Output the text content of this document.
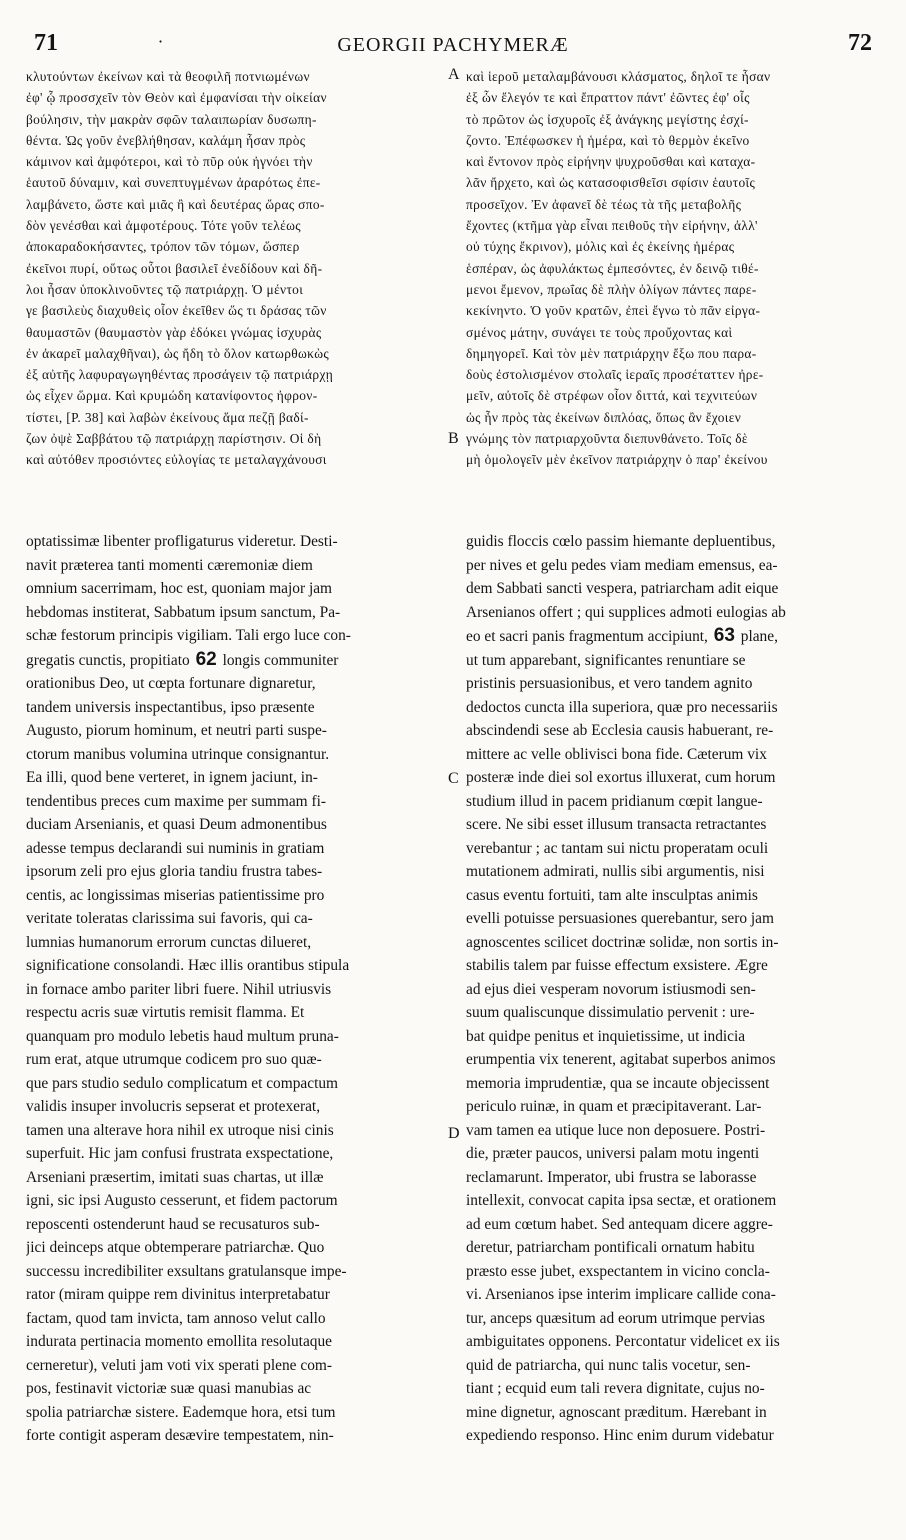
71	·	GEORGII PACHYMERÆ	72
κλυτούντων ἐκείνων καὶ τὰ θεοφιλῆ ποτνιωμένων
ἐφ' ᾧ προσσχεῖν τὸν Θεὸν καὶ ἐμφανίσαι τὴν οἰκείαν
βούλησιν, τὴν μακρὰν σφῶν ταλαιπωρίαν δυσωπη-
θέντα. Ὡς γοῦν ἐνεβλήθησαν, καλάμη ἦσαν πρὸς
κάμινον καὶ ἀμφότεροι, καὶ τὸ πῦρ οὐκ ἠγνόει τὴν
ἑαυτοῦ δύναμιν, καὶ συνεπτυγμένων ἀραρότως ἐπε-
λαμβάνετο, ὥστε καὶ μιᾶς ἢ καὶ δευτέρας ὥρας σπο-
δὸν γενέσθαι καὶ ἀμφοτέρους. Τότε γοῦν τελέως
ἀποκαραδοκήσαντες, τρόπον τῶν τόμων, ὥσπερ
ἐκεῖνοι πυρί, οὕτως οὗτοι βασιλεῖ ἐνεδίδουν καὶ δῆ-
λοι ἦσαν ὑποκλινοῦντες τῷ πατριάρχῃ. Ὁ μέντοι
γε βασιλεὺς διαχυθεὶς οἷον ἐκεῖθεν ὥς τι δράσας τῶν
θαυμαστῶν (θαυμαστὸν γὰρ ἐδόκει γνώμας ἰσχυρὰς
ἐν ἀκαρεῖ μαλαχθῆναι), ὡς ἤδη τὸ ὅλον κατωρθωκὼς
ἐξ αὐτῆς λαφυραγωγηθέντας προσάγειν τῷ πατριάρχῃ
ὡς εἶχεν ὥρμα. Καὶ κρυμώδη κατανίφοντος ἠφρον-
τίστει, [P. 38] καὶ λαβὼν ἐκείνους ἅμα πεζῇ βαδί-
ζων ὀψὲ Σαββάτου τῷ πατριάρχῃ παρίστησιν. Οἱ δὴ
καὶ αὐτόθεν προσιόντες εὐλογίας τε μεταλαγχάνουσι
καὶ ἱεροῦ μεταλαμβάνουσι κλάσματος, δηλοῖ τε ἦσαν
ἐξ ὧν ἔλεγόν τε καὶ ἔπραττον πάντ' ἐῶντες ἐφ' οἷς
τὸ πρῶτον ὡς ἰσχυροῖς ἐξ ἀνάγκης μεγίστης ἐσχί-
ζοντο. Ἐπέφωσκεν ἡ ἡμέρα, καὶ τὸ θερμὸν ἐκεῖνο
καὶ ἔντονον πρὸς εἰρήνην ψυχροῦσθαι καὶ καταχα-
λᾶν ἤρχετο, καὶ ὡς κατασοφισθεῖσι σφίσιν ἑαυτοῖς
προσεῖχον. Ἐν ἀφανεῖ δὲ τέως τὰ τῆς μεταβολῆς
ἔχοντες (κτῆμα γὰρ εἶναι πειθοῦς τὴν εἰρήνην, ἀλλ'
οὐ τύχης ἔκρινον), μόλις καὶ ἐς ἐκείνης ἡμέρας
ἑσπέραν, ὡς ἀφυλάκτως ἐμπεσόντες, ἐν δεινῷ τιθέ-
μενοι ἔμενον, πρωΐας δὲ πλὴν ὀλίγων πάντες παρε-
κεκίνηντο. Ὁ γοῦν κρατῶν, ἐπεὶ ἔγνω τὸ πᾶν εἰργα-
σμένος μάτην, συνάγει τε τοὺς προὔχοντας καὶ
δημηγορεῖ. Καὶ τὸν μὲν πατριάρχην ἔξω που παρα-
δοὺς ἐστολισμένον στολαῖς ἱεραῖς προσέταττεν ἠρε-
μεῖν, αὐτοῖς δὲ στρέφων οἷον διττά, καὶ τεχνιτεύων
ὡς ἦν πρὸς τὰς ἐκείνων διπλόας, ὅπως ἂν ἔχοιεν
γνώμης τὸν πατριαρχοῦντα διεπυνθάνετο. Τοῖς δὲ
μὴ ὁμολογεῖν μὲν ἐκεῖνον πατριάρχην ὁ παρ' ἐκείνου
A
B
C
D
optatissimæ libenter profligaturus videretur. Desti-
navit præterea tanti momenti cæremoniæ diem
omnium sacerrimam, hoc est, quoniam major jam
hebdomas institerat, Sabbatum ipsum sanctum, Pa-
schæ festorum principis vigiliam. Tali ergo luce con-
gregatis cunctis, propitiato 62 longis communiter
orationibus Deo, ut cœpta fortunare dignaretur,
tandem universis inspectantibus, ipso præsente
Augusto, piorum hominum, et neutri parti suspe-
ctorum manibus volumina utrinque consignantur.
Ea illi, quod bene verteret, in ignem jaciunt, in-
tendentibus preces cum maxime per summam fi-
duciam Arsenianis, et quasi Deum admonentibus
adesse tempus declarandi sui numinis in gratiam
ipsorum zeli pro ejus gloria tandiu frustra tabes-
centis, ac longissimas miserias patientissime pro
veritate toleratas clarissima sui favoris, qui ca-
lumnias humanorum errorum cunctas dilueret,
significatione consolandi. Hæc illis orantibus stipula
in fornace ambo pariter libri fuere. Nihil utriusvis
respectu acris suæ virtutis remisit flamma. Et
quanquam pro modulo lebetis haud multum pruna-
rum erat, atque utrumque codicem pro suo quæ-
que pars studio sedulo complicatum et compactum
validis insuper involucris sepserat et protexerat,
tamen una alterave hora nihil ex utroque nisi cinis
superfuit. Hic jam confusi frustrata exspectatione,
Arseniani præsertim, imitati suas chartas, ut illæ
igni, sic ipsi Augusto cesserunt, et fidem pactorum
reposcenti ostenderunt haud se recusaturos sub-
jici deinceps atque obtemperare patriarchæ. Quo
successu incredibiliter exsultans gratulansque impe-
rator (miram quippe rem divinitus interpretabatur
factam, quod tam invicta, tam annoso velut callo
indurata pertinacia momento emollita resolutaque
cerneretur), veluti jam voti vix sperati plene com-
pos, festinavit victoriæ suæ quasi manubias ac
spolia patriarchæ sistere. Eademque hora, etsi tum
forte contigit asperam desævire tempestatem, nin-
guidis floccis cœlo passim hiemante depluentibus,
per nives et gelu pedes viam mediam emensus, ea-
dem Sabbati sancti vespera, patriarcham adit eique
Arsenianos offert ; qui supplices admoti eulogias ab
eo et sacri panis fragmentum accipiunt, 63 plane,
ut tum apparebant, significantes renuntiare se
pristinis persuasionibus, et vero tandem agnito
dedoctos cuncta illa superiora, quæ pro necessariis
abscindendi sese ab Ecclesia causis habuerant, re-
mittere ac velle oblivisci bona fide. Cæterum vix
posteræ inde diei sol exortus illuxerat, cum horum
studium illud in pacem pridianum cœpit langue-
scere. Ne sibi esset illusum transacta retractantes
verebantur ; ac tantam sui nictu properatam oculi
mutationem admirati, nullis sibi argumentis, nisi
casus eventu fortuiti, tam alte insculptas animis
evelli potuisse persuasiones querebantur, sero jam
agnoscentes scilicet doctrinæ solidæ, non sortis in-
stabilis talem par fuisse effectum exsistere. Ægre
ad ejus diei vesperam novorum istiusmodi sen-
suum qualiscunque dissimulatio pervenit : ure-
bat quidpe penitus et inquietissime, ut indicia
erumpentia vix tenerent, agitabat superbos animos
memoria imprudentiæ, qua se incaute objecissent
periculo ruinæ, in quam et præcipitaverant. Lar-
vam tamen ea utique luce non deposuere. Postri-
die, præter paucos, universi palam motu ingenti
reclamarunt. Imperator, ubi frustra se laborasse
intellexit, convocat capita ipsa sectæ, et orationem
ad eum cœtum habet. Sed antequam dicere aggre-
deretur, patriarcham pontificali ornatum habitu
præsto esse jubet, exspectantem in vicino concla-
vi. Arsenianos ipse interim implicare callide cona-
tur, anceps quæsitum ad eorum utrimque pervias
ambiguitates opponens. Percontatur videlicet ex iis
quid de patriarcha, qui nunc talis vocetur, sen-
tiant ; ecquid eum tali revera dignitate, cujus no-
mine dignetur, agnoscant præditum. Hærebant in
expediendo responso. Hinc enim durum videbatur
